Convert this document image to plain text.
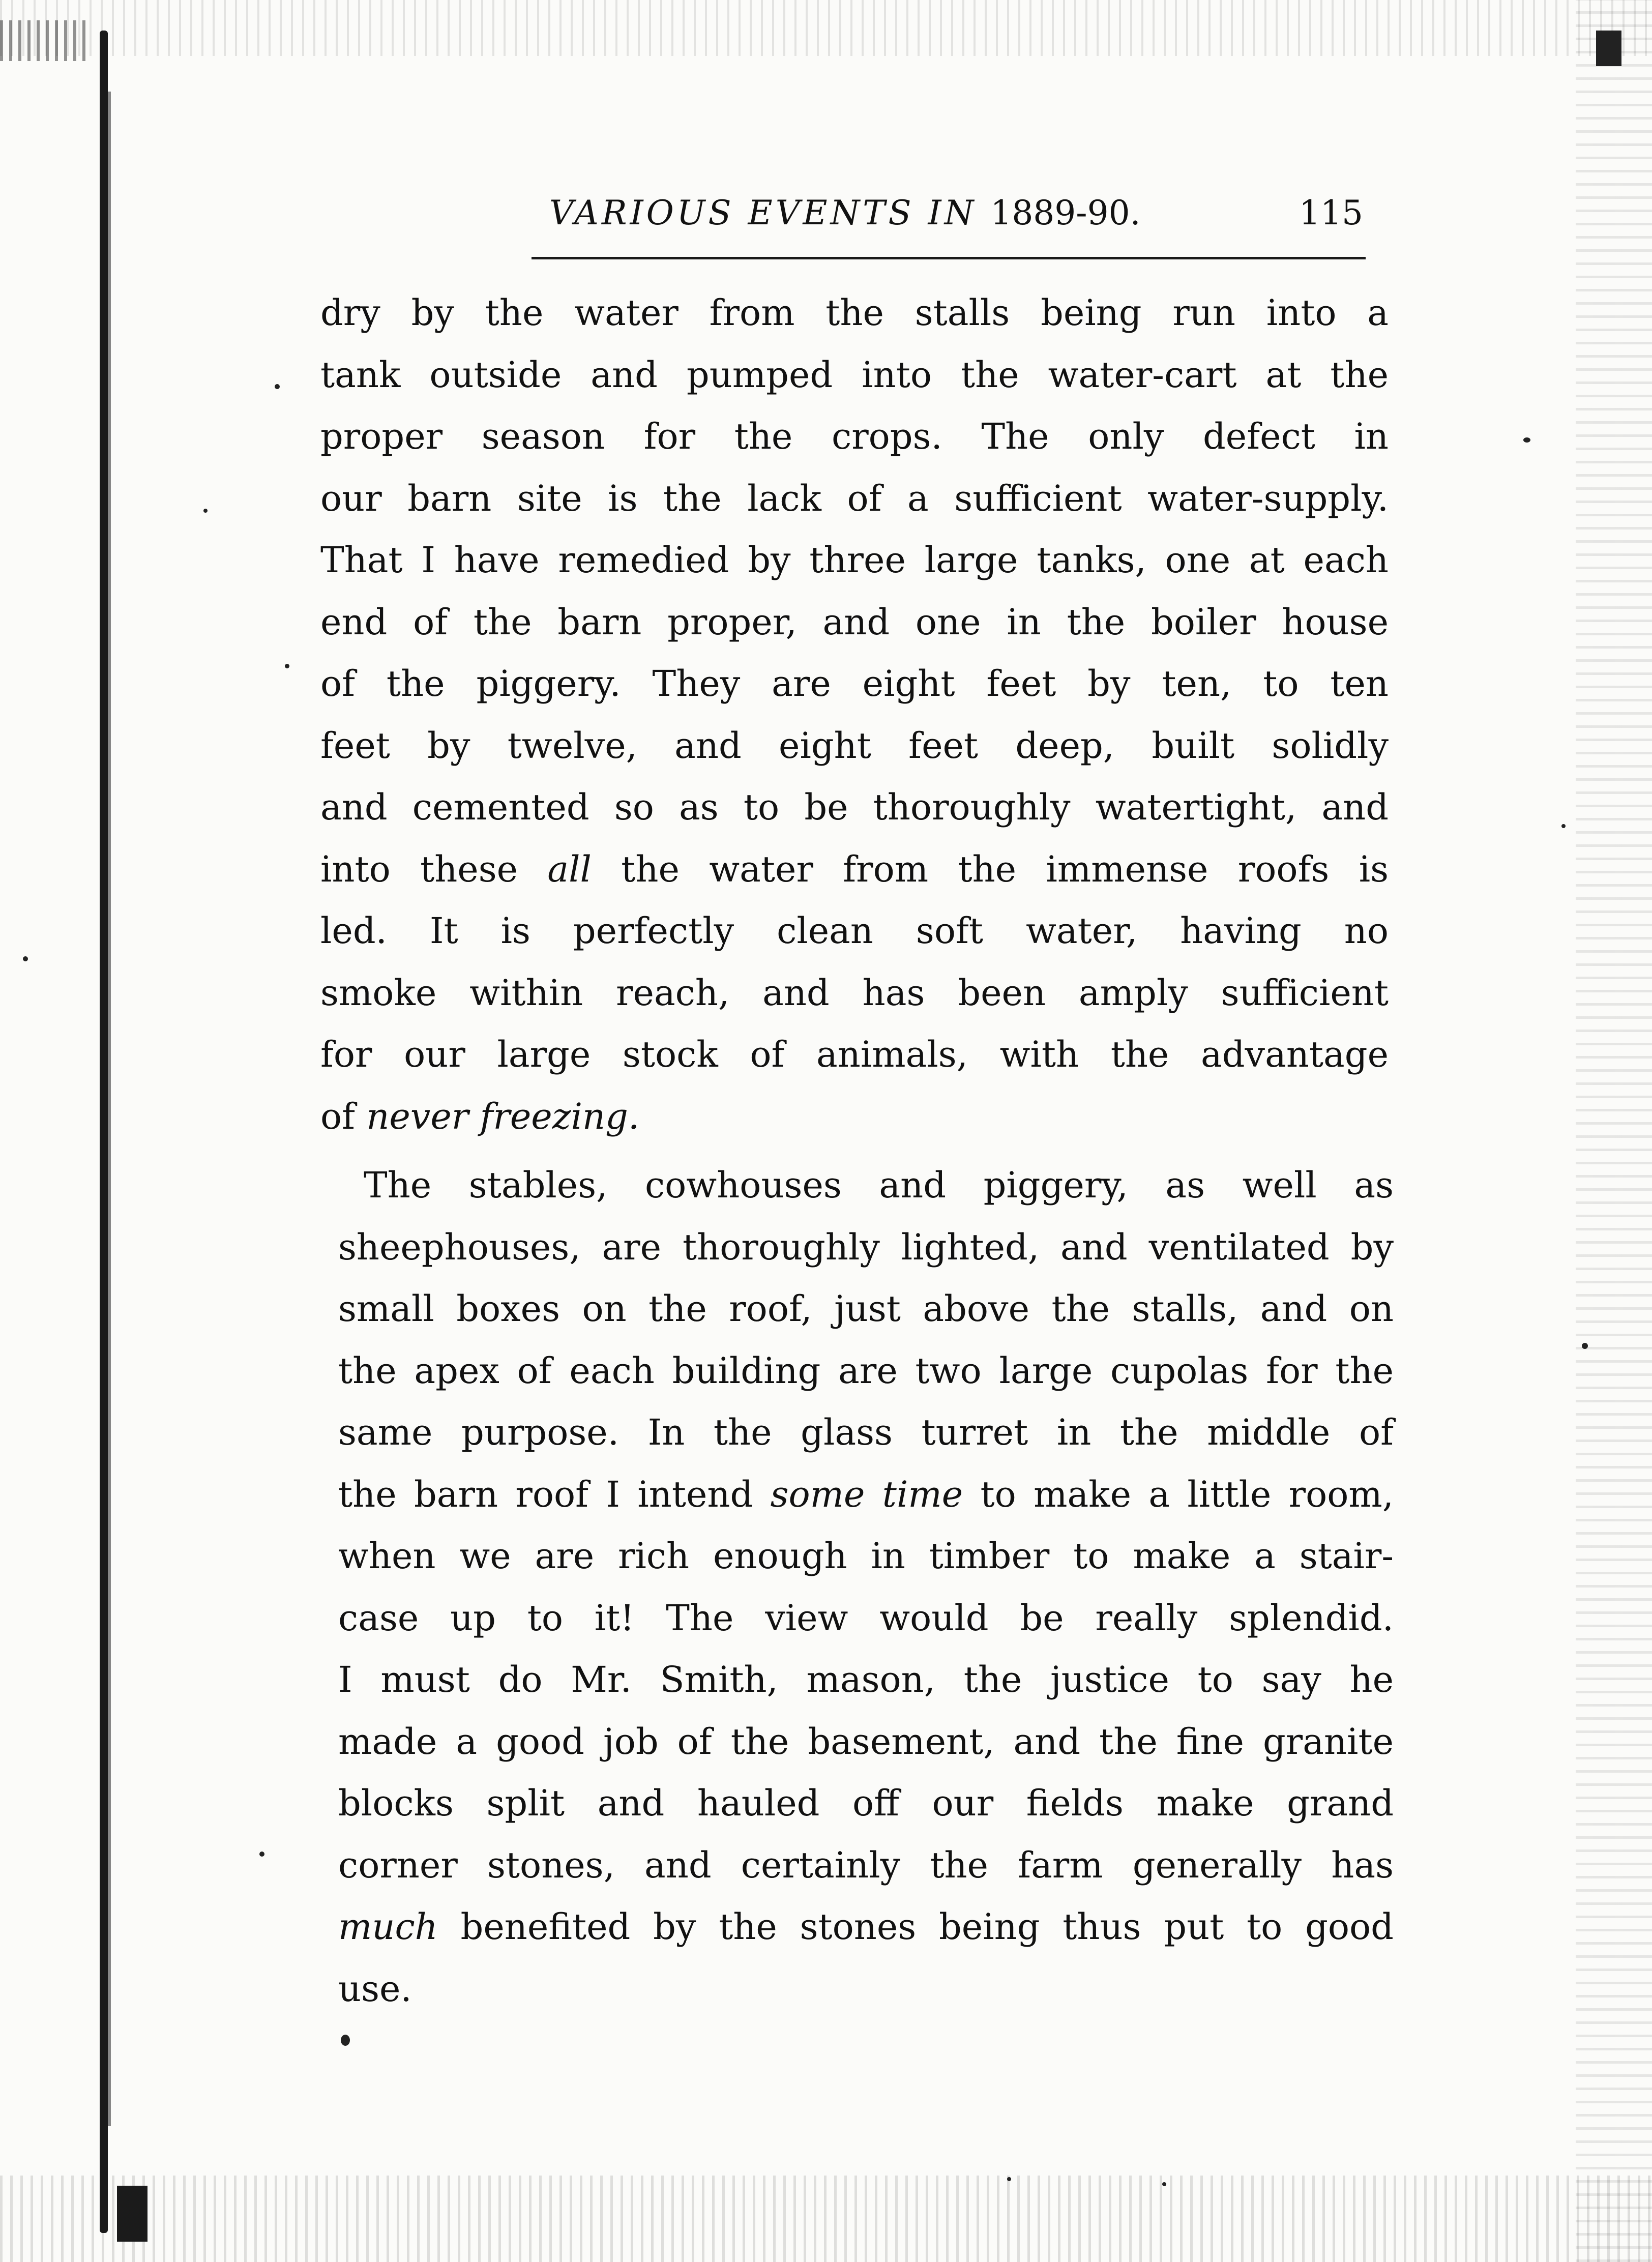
VARIOUS EVENTS IN 1889-90.	115
dry by the water from the stalls being run into a
tank outside and pumped into the water-cart at the
proper season for the crops. The only defect in
our barn site is the lack of a sufficient water-supply.
That I have remedied by three large tanks, one at each
end of the barn proper, and one in the boiler house
of the piggery. They are eight feet by ten, to ten
feet by twelve, and eight feet deep, built solidly
and cemented so as to be thoroughly watertight, and
into these all the water from the immense roofs is
led. It is perfectly clean soft water, having no
smoke within reach, and has been amply sufficient
for our large stock of animals, with the advantage
of never freezing.
The stables, cowhouses and piggery, as well as
sheephouses, are thoroughly lighted, and ventilated by
small boxes on the roof, just above the stalls, and on
the apex of each building are two large cupolas for the
same purpose. In the glass turret in the middle of
the barn roof I intend some time to make a little room,
when we are rich enough in timber to make a stair-
case up to it! The view would be really splendid.
I must do Mr. Smith, mason, the justice to say he
made a good job of the basement, and the fine granite
blocks split and hauled off our fields make grand
corner stones, and certainly the farm generally has
much benefited by the stones being thus put to good
use.
